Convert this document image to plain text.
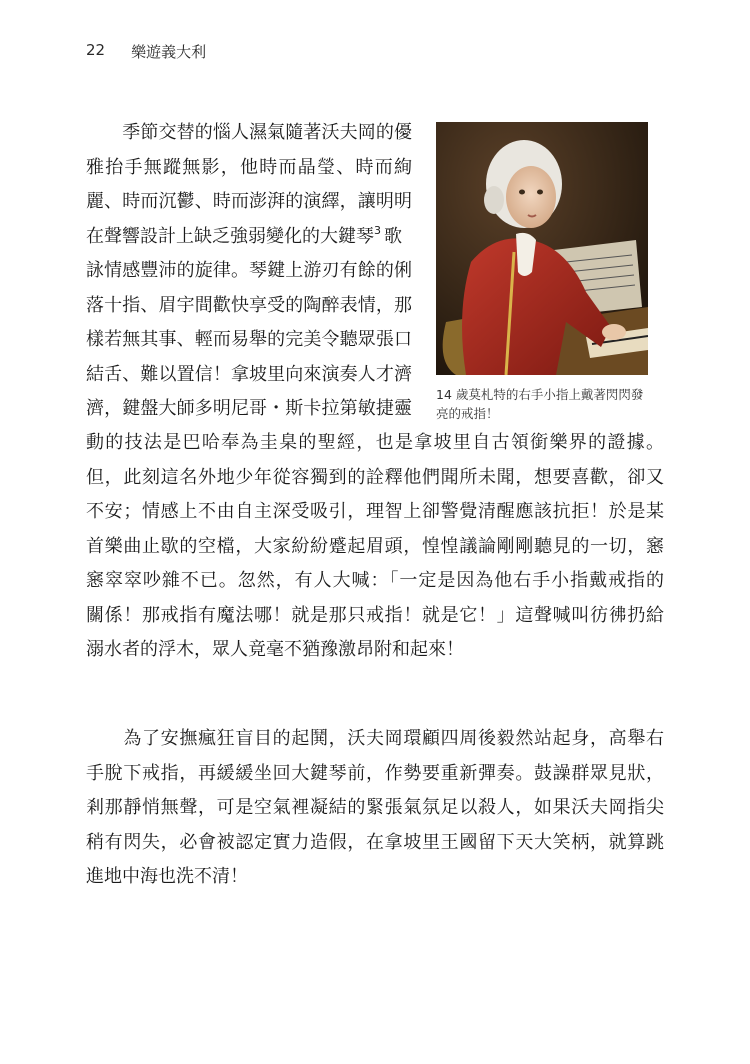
22 樂遊義大利
14 歲莫札特的右手小指上戴著閃閃發
亮的戒指！
　　季節交替的惱人濕氣隨著沃夫岡的優
雅抬手無蹤無影，他時而晶瑩、時而絢
麗、時而沉鬱、時而澎湃的演繹，讓明明
在聲響設計上缺乏強弱變化的大鍵琴$^3$ 歌
詠情感豐沛的旋律。琴鍵上游刃有餘的俐
落十指、眉宇間歡快享受的陶醉表情，那
樣若無其事、輕而易舉的完美令聽眾張口
結舌、難以置信！拿坡里向來演奏人才濟
濟，鍵盤大師多明尼哥・斯卡拉第敏捷靈
動的技法是巴哈奉為圭臬的聖經，也是拿坡里自古領銜樂界的證據。
但，此刻這名外地少年從容獨到的詮釋他們聞所未聞，想要喜歡，卻又
不安；情感上不由自主深受吸引，理智上卻警覺清醒應該抗拒！於是某
首樂曲止歇的空檔，大家紛紛蹙起眉頭，惶惶議論剛剛聽見的一切，窸
窸窣窣吵雜不已。忽然，有人大喊：「一定是因為他右手小指戴戒指的
關係！那戒指有魔法哪！就是那只戒指！就是它！」這聲喊叫彷彿扔給
溺水者的浮木，眾人竟毫不猶豫激昂附和起來！
　　為了安撫瘋狂盲目的起鬨，沃夫岡環顧四周後毅然站起身，高舉右
手脫下戒指，再緩緩坐回大鍵琴前，作勢要重新彈奏。鼓譟群眾見狀，
剎那靜悄無聲，可是空氣裡凝結的緊張氣氛足以殺人，如果沃夫岡指尖
稍有閃失，必會被認定實力造假，在拿坡里王國留下天大笑柄，就算跳
進地中海也洗不清！
